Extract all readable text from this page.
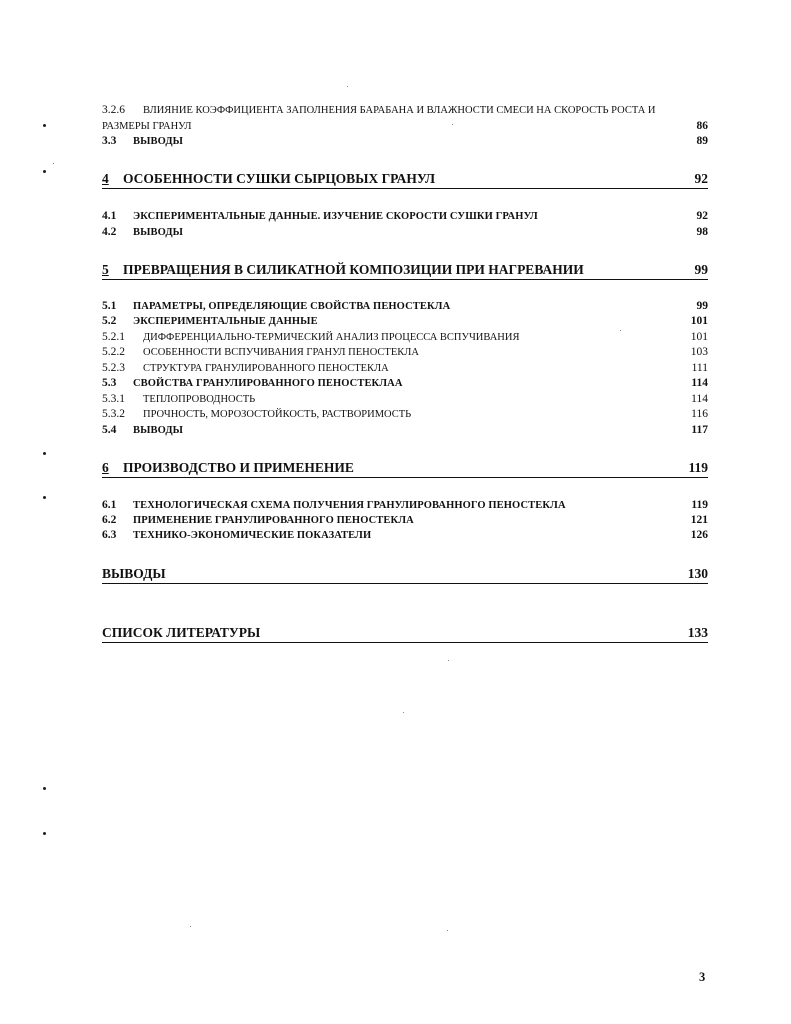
3.2.6 ВЛИЯНИЕ КОЭФФИЦИЕНТА ЗАПОЛНЕНИЯ БАРАБАНА И ВЛАЖНОСТИ СМЕСИ НА СКОРОСТЬ РОСТА И
РАЗМЕРЫ ГРАНУЛ	86
3.3 ВЫВОДЫ	89
4 ОСОБЕННОСТИ СУШКИ СЫРЦОВЫХ ГРАНУЛ	92
4.1 ЭКСПЕРИМЕНТАЛЬНЫЕ ДАННЫЕ. ИЗУЧЕНИЕ СКОРОСТИ СУШКИ ГРАНУЛ	92
4.2 ВЫВОДЫ	98
5 ПРЕВРАЩЕНИЯ В СИЛИКАТНОЙ КОМПОЗИЦИИ ПРИ НАГРЕВАНИИ	99
5.1 ПАРАМЕТРЫ, ОПРЕДЕЛЯЮЩИЕ СВОЙСТВА ПЕНОСТЕКЛА	99
5.2 ЭКСПЕРИМЕНТАЛЬНЫЕ ДАННЫЕ	101
5.2.1 ДИФФЕРЕНЦИАЛЬНО-ТЕРМИЧЕСКИЙ АНАЛИЗ ПРОЦЕССА ВСПУЧИВАНИЯ	101
5.2.2 ОСОБЕННОСТИ ВСПУЧИВАНИЯ ГРАНУЛ ПЕНОСТЕКЛА	103
5.2.3 СТРУКТУРА ГРАНУЛИРОВАННОГО ПЕНОСТЕКЛА	111
5.3 СВОЙСТВА ГРАНУЛИРОВАННОГО ПЕНОСТЕКЛАА	114
5.3.1 ТЕПЛОПРОВОДНОСТЬ	114
5.3.2 ПРОЧНОСТЬ, МОРОЗОСТОЙКОСТЬ, РАСТВОРИМОСТЬ	116
5.4 ВЫВОДЫ	117
6 ПРОИЗВОДСТВО И ПРИМЕНЕНИЕ	119
6.1 ТЕХНОЛОГИЧЕСКАЯ СХЕМА ПОЛУЧЕНИЯ ГРАНУЛИРОВАННОГО ПЕНОСТЕКЛА	119
6.2 ПРИМЕНЕНИЕ ГРАНУЛИРОВАННОГО ПЕНОСТЕКЛА	121
6.3 ТЕХНИКО-ЭКОНОМИЧЕСКИЕ ПОКАЗАТЕЛИ	126
ВЫВОДЫ	130
СПИСОК ЛИТЕРАТУРЫ	133
3
